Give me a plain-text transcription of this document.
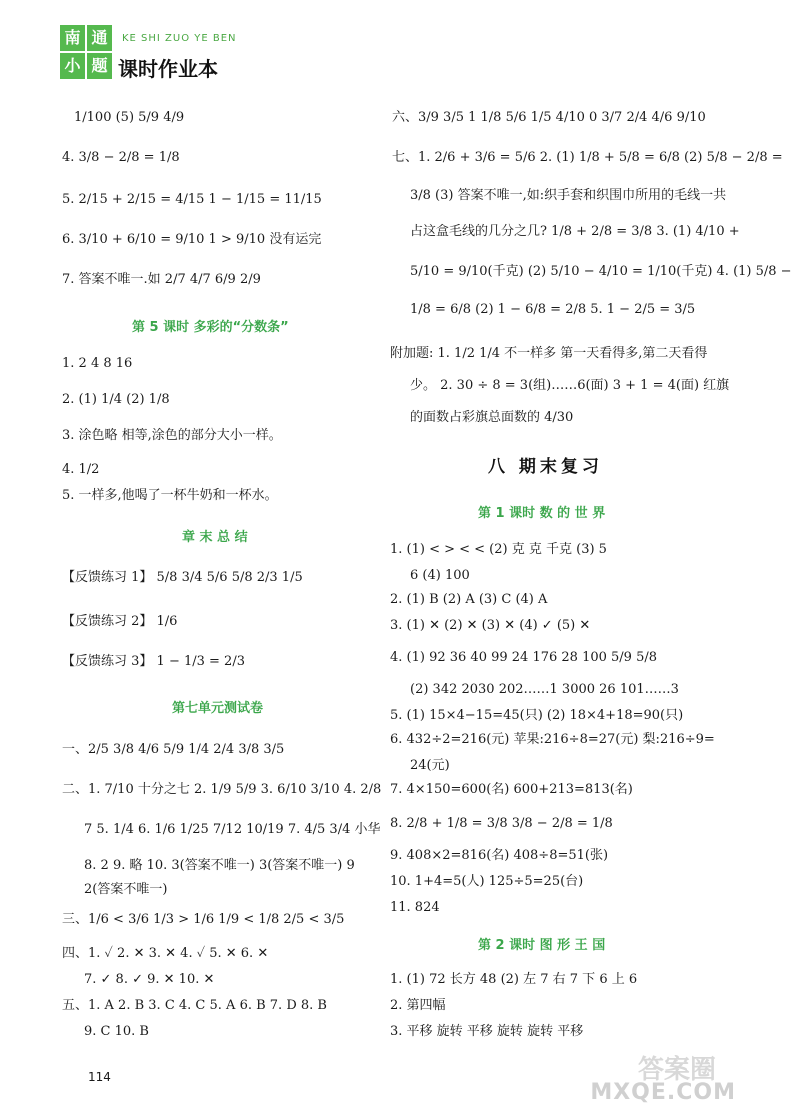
南 通
小 题
KE SHI ZUO YE BEN
课时作业本
1/100 (5) 5/9 4/9
4. 3/8 − 2/8 = 1/8
5. 2/15 + 2/15 = 4/15 1 − 1/15 = 11/15
6. 3/10 + 6/10 = 9/10 1 > 9/10 没有运完
7. 答案不唯一.如 2/7 4/7 6/9 2/9
第 5 课时 多彩的“分数条”
1. 2 4 8 16
2. (1) 1/4 (2) 1/8
3. 涂色略 相等,涂色的部分大小一样。
4. 1/2
5. 一样多,他喝了一杯牛奶和一杯水。
章 末 总 结
【反馈练习 1】 5/8 3/4 5/6 5/8 2/3 1/5
【反馈练习 2】 1/6
【反馈练习 3】 1 − 1/3 = 2/3
第七单元测试卷
一、2/5 3/8 4/6 5/9 1/4 2/4 3/8 3/5
二、1. 7/10 十分之七 2. 1/9 5/9 3. 6/10 3/10 4. 2/8
7 5. 1/4 6. 1/6 1/25 7/12 10/19 7. 4/5 3/4 小华
8. 2 9. 略 10. 3(答案不唯一) 3(答案不唯一) 9
2(答案不唯一)
三、1/6 < 3/6 1/3 > 1/6 1/9 < 1/8 2/5 < 3/5
四、1. ✓ 2. ✕ 3. ✕ 4. ✓ 5. ✕ 6. ✕
7. ✓ 8. ✓ 9. ✕ 10. ✕
五、1. A 2. B 3. C 4. C 5. A 6. B 7. D 8. B
9. C 10. B
114
六、3/9 3/5 1 1/8 5/6 1/5 4/10 0 3/7 2/4 4/6 9/10
七、1. 2/6 + 3/6 = 5/6 2. (1) 1/8 + 5/8 = 6/8 (2) 5/8 − 2/8 =
3/8 (3) 答案不唯一,如:织手套和织围巾所用的毛线一共
占这盒毛线的几分之几? 1/8 + 2/8 = 3/8 3. (1) 4/10 +
5/10 = 9/10(千克) (2) 5/10 − 4/10 = 1/10(千克) 4. (1) 5/8 −
1/8 = 6/8 (2) 1 − 6/8 = 2/8 5. 1 − 2/5 = 3/5
附加题: 1. 1/2 1/4 不一样多 第一天看得多,第二天看得
少。 2. 30 ÷ 8 = 3(组)……6(面) 3 + 1 = 4(面) 红旗
的面数占彩旗总面数的 4/30
八 期末复习
第 1 课时 数 的 世 界
1. (1) < > < < (2) 克 克 千克 (3) 5
6 (4) 100
2. (1) B (2) A (3) C (4) A
3. (1) ✕ (2) ✕ (3) ✕ (4) ✓ (5) ✕
4. (1) 92 36 40 99 24 176 28 100 5/9 5/8
(2) 342 2030 202……1 3000 26 101……3
5. (1) 15×4−15=45(只) (2) 18×4+18=90(只)
6. 432÷2=216(元) 苹果:216÷8=27(元) 梨:216÷9=
24(元)
7. 4×150=600(名) 600+213=813(名)
8. 2/8 + 1/8 = 3/8 3/8 − 2/8 = 1/8
9. 408×2=816(名) 408÷8=51(张)
10. 1+4=5(人) 125÷5=25(台)
11. 824
第 2 课时 图 形 王 国
1. (1) 72 长方 48 (2) 左 7 右 7 下 6 上 6
2. 第四幅
3. 平移 旋转 平移 旋转 旋转 平移
答案圈
MXQE.COM
